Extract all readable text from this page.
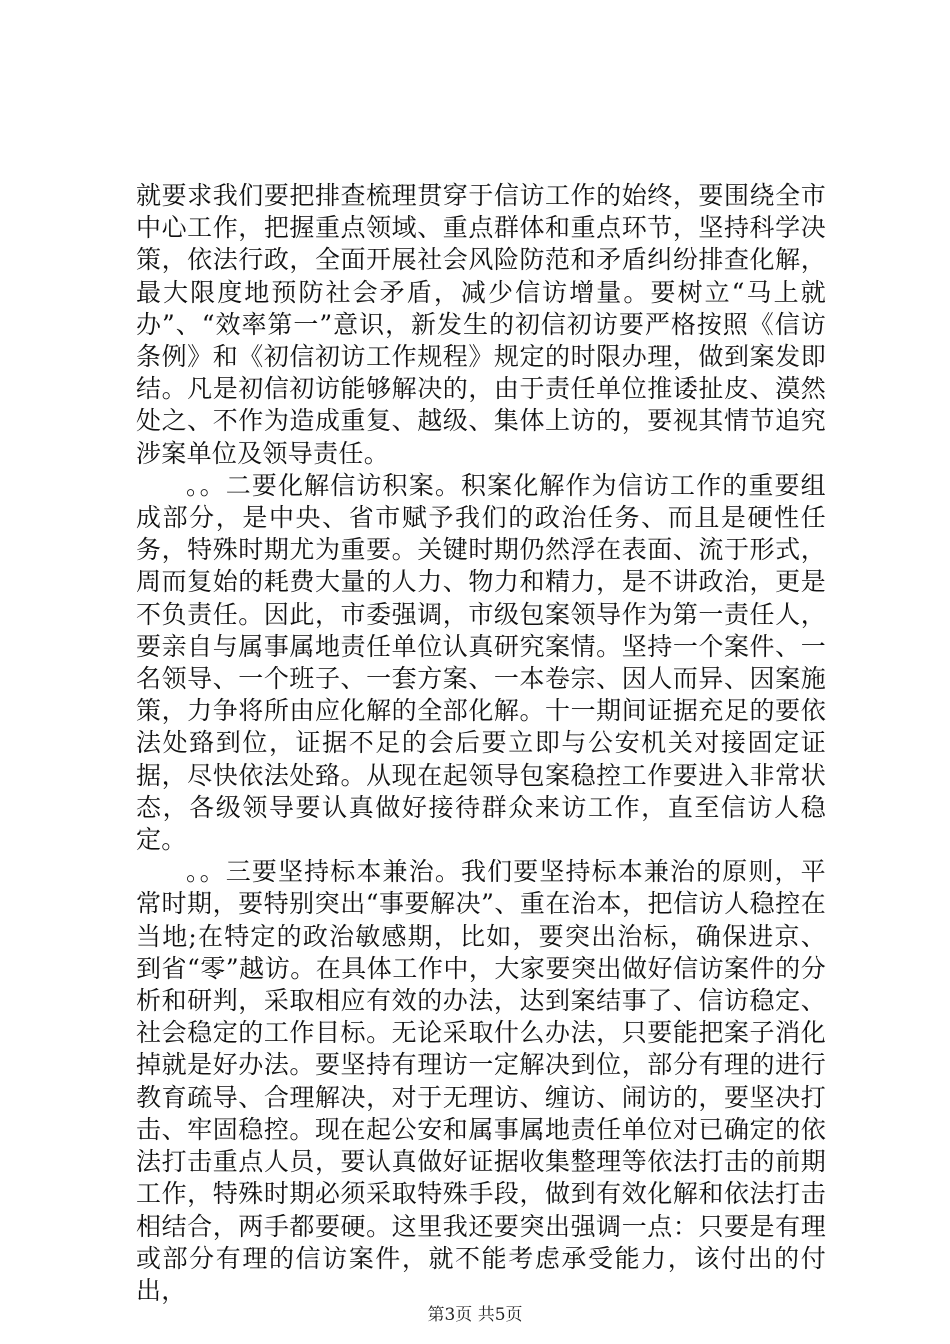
就要求我们要把排查梳理贯穿于信访工作的始终，要围绕全市中心工作，把握重点领域、重点群体和重点环节，坚持科学决策，依法行政，全面开展社会风险防范和矛盾纠纷排查化解，最大限度地预防社会矛盾，减少信访增量。要树立“马上就办”、“效率第一”意识，新发生的初信初访要严格按照《信访条例》和《初信初访工作规程》规定的时限办理，做到案发即结。凡是初信初访能够解决的，由于责任单位推诿扯皮、漠然处之、不作为造成重复、越级、集体上访的，要视其情节追究涉案单位及领导责任。

。。二要化解信访积案。积案化解作为信访工作的重要组成部分，是中央、省市赋予我们的政治任务、而且是硬性任务，特殊时期尤为重要。关键时期仍然浮在表面、流于形式，周而复始的耗费大量的人力、物力和精力，是不讲政治，更是不负责任。因此，市委强调，市级包案领导作为第一责任人，要亲自与属事属地责任单位认真研究案情。坚持一个案件、一名领导、一个班子、一套方案、一本卷宗、因人而异、因案施策，力争将所由应化解的全部化解。十一期间证据充足的要依法处臵到位，证据不足的会后要立即与公安机关对接固定证据，尽快依法处臵。从现在起领导包案稳控工作要进入非常状态，各级领导要认真做好接待群众来访工作，直至信访人稳定。

。。三要坚持标本兼治。我们要坚持标本兼治的原则，平常时期，要特别突出“事要解决”、重在治本，把信访人稳控在当地;在特定的政治敏感期，比如，要突出治标，确保进京、到省“零”越访。在具体工作中，大家要突出做好信访案件的分析和研判，采取相应有效的办法，达到案结事了、信访稳定、社会稳定的工作目标。无论采取什么办法，只要能把案子消化掉就是好办法。要坚持有理访一定解决到位，部分有理的进行教育疏导、合理解决，对于无理访、缠访、闹访的，要坚决打击、牢固稳控。现在起公安和属事属地责任单位对已确定的依法打击重点人员，要认真做好证据收集整理等依法打击的前期工作，特殊时期必须采取特殊手段，做到有效化解和依法打击相结合，两手都要硬。这里我还要突出强调一点：只要是有理或部分有理的信访案件，就不能考虑承受能力，该付出的付出，

第3页 共5页
